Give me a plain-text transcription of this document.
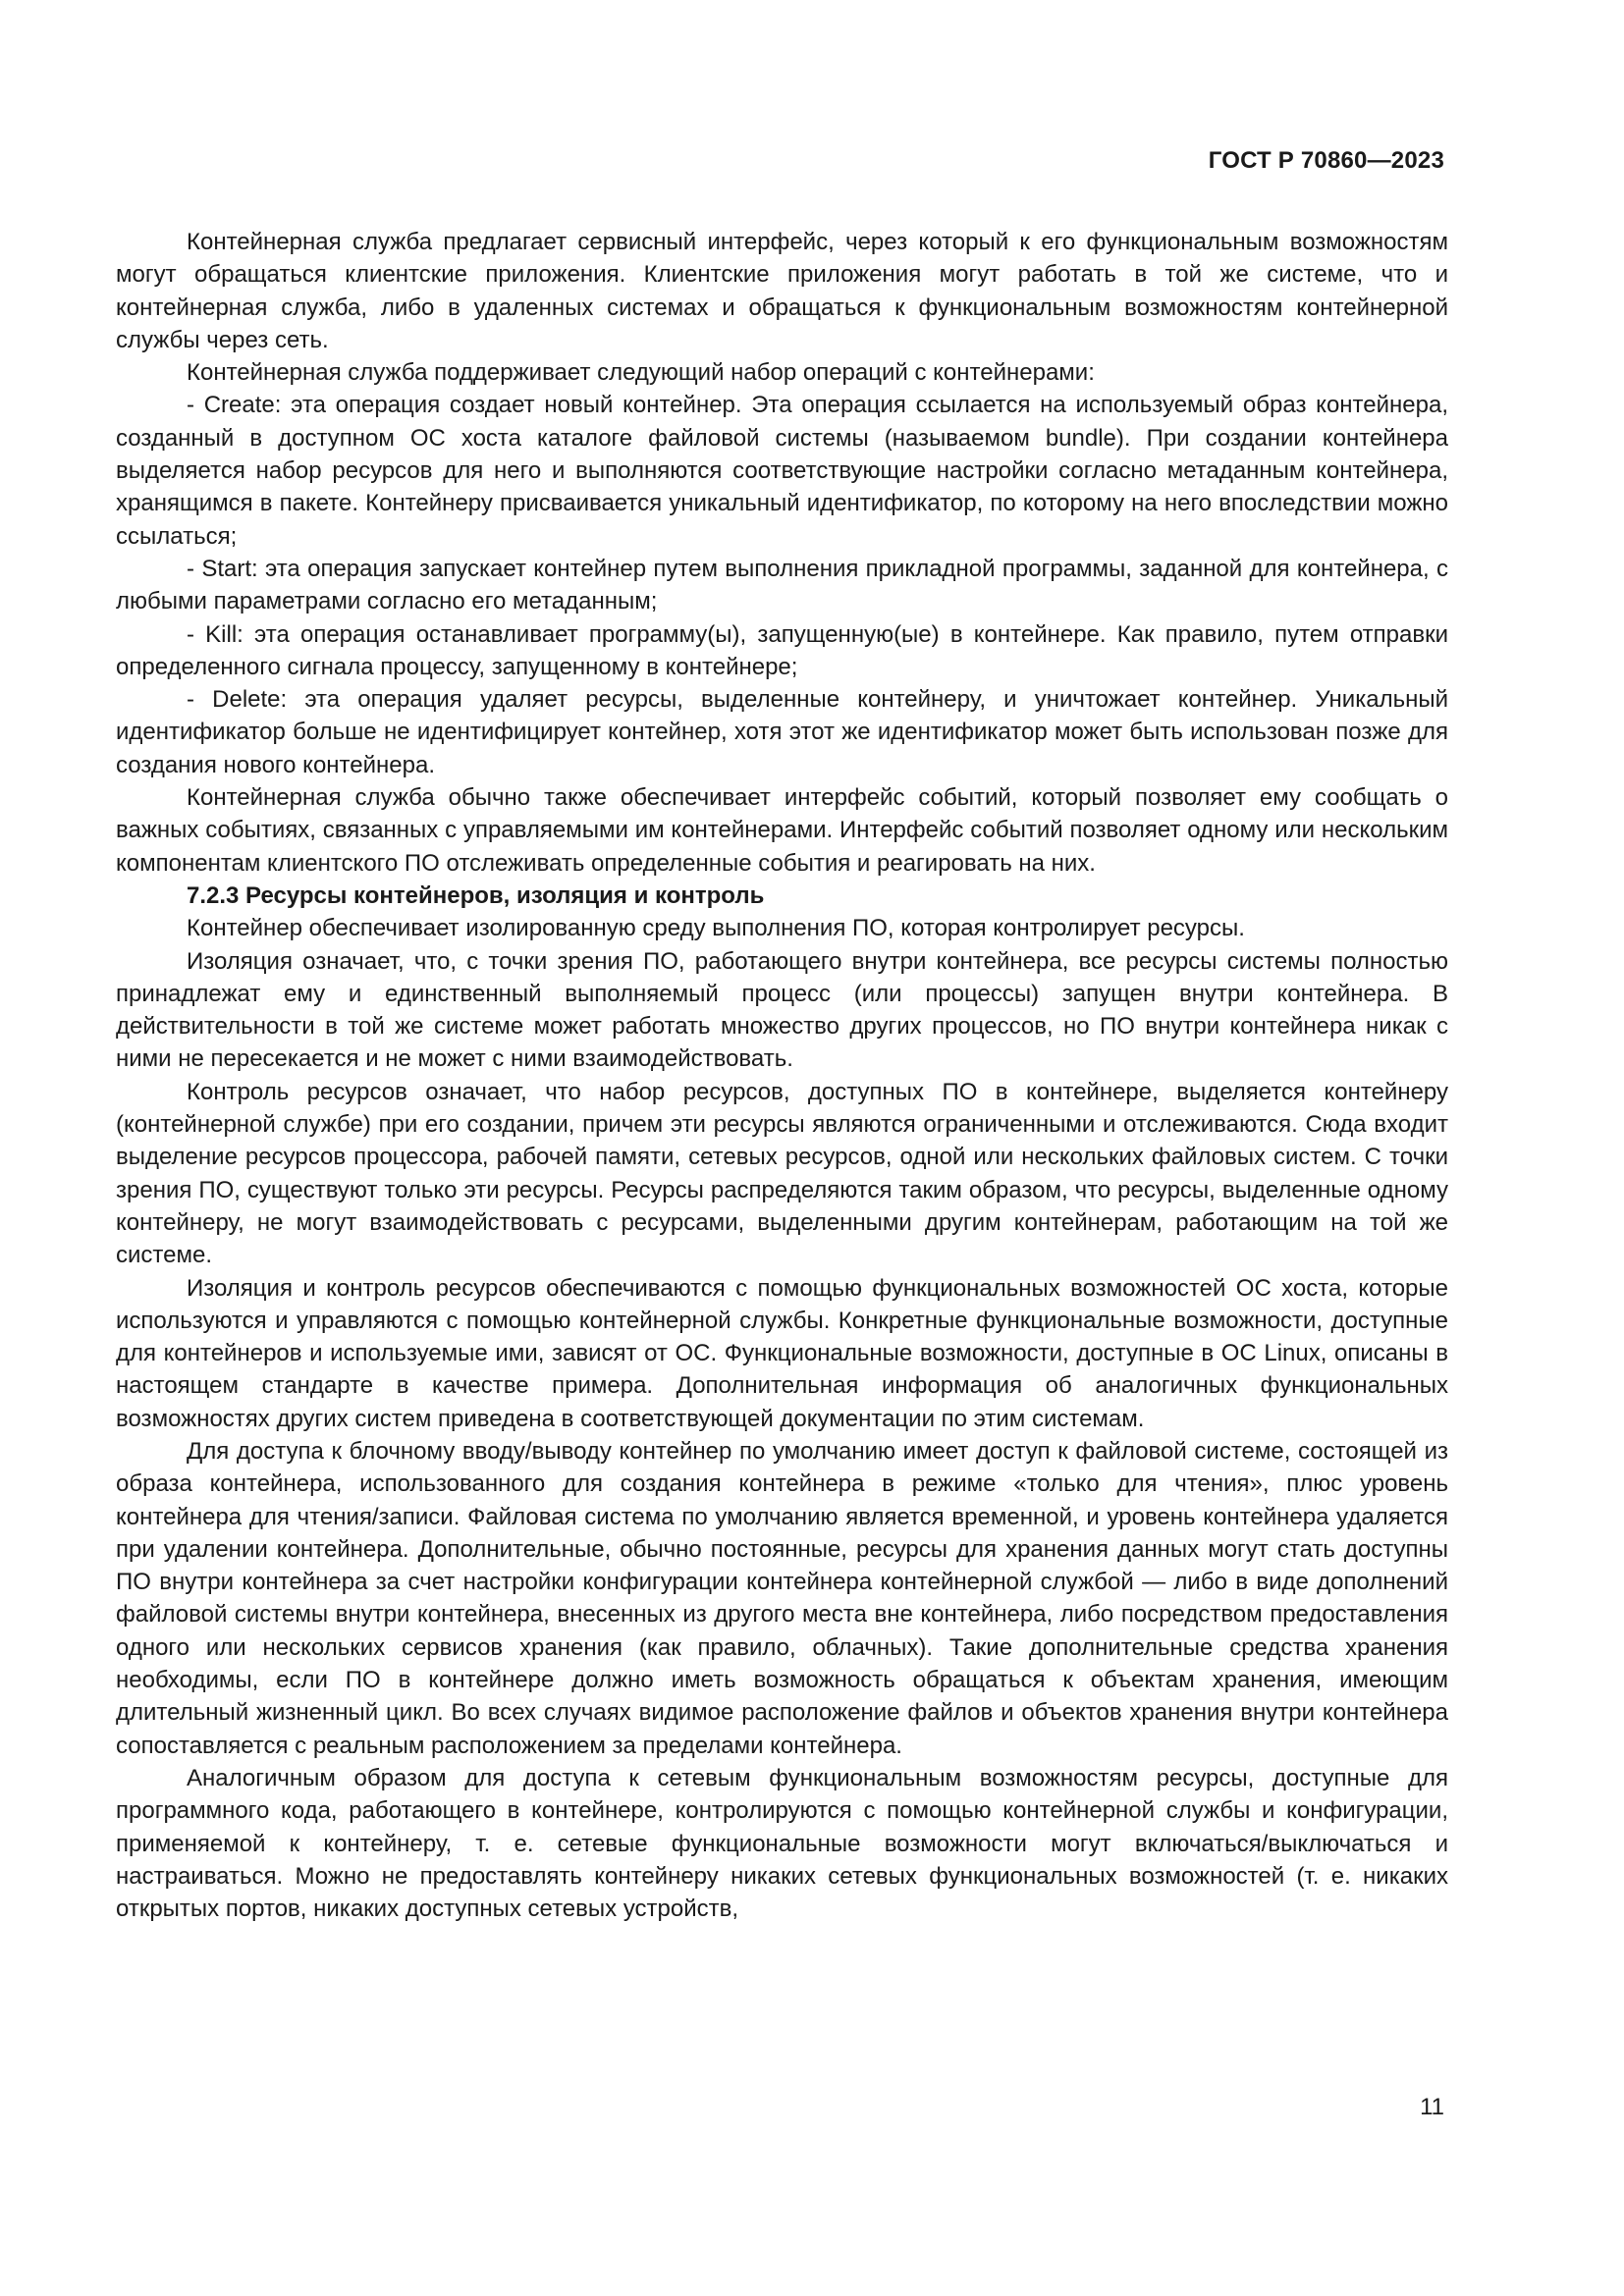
ГОСТ Р 70860—2023

Контейнерная служба предлагает сервисный интерфейс, через который к его функциональным возможностям могут обращаться клиентские приложения. Клиентские приложения могут работать в той же системе, что и контейнерная служба, либо в удаленных системах и обращаться к функциональным возможностям контейнерной службы через сеть.

Контейнерная служба поддерживает следующий набор операций с контейнерами:

- Create: эта операция создает новый контейнер. Эта операция ссылается на используемый образ контейнера, созданный в доступном ОС хоста каталоге файловой системы (называемом bundle). При создании контейнера выделяется набор ресурсов для него и выполняются соответствующие настройки согласно метаданным контейнера, хранящимся в пакете. Контейнеру присваивается уникальный идентификатор, по которому на него впоследствии можно ссылаться;

- Start: эта операция запускает контейнер путем выполнения прикладной программы, заданной для контейнера, с любыми параметрами согласно его метаданным;

- Kill: эта операция останавливает программу(ы), запущенную(ые) в контейнере. Как правило, путем отправки определенного сигнала процессу, запущенному в контейнере;

- Delete: эта операция удаляет ресурсы, выделенные контейнеру, и уничтожает контейнер. Уникальный идентификатор больше не идентифицирует контейнер, хотя этот же идентификатор может быть использован позже для создания нового контейнера.

Контейнерная служба обычно также обеспечивает интерфейс событий, который позволяет ему сообщать о важных событиях, связанных с управляемыми им контейнерами. Интерфейс событий позволяет одному или нескольким компонентам клиентского ПО отслеживать определенные события и реагировать на них.

7.2.3 Ресурсы контейнеров, изоляция и контроль

Контейнер обеспечивает изолированную среду выполнения ПО, которая контролирует ресурсы.

Изоляция означает, что, с точки зрения ПО, работающего внутри контейнера, все ресурсы системы полностью принадлежат ему и единственный выполняемый процесс (или процессы) запущен внутри контейнера. В действительности в той же системе может работать множество других процессов, но ПО внутри контейнера никак с ними не пересекается и не может с ними взаимодействовать.

Контроль ресурсов означает, что набор ресурсов, доступных ПО в контейнере, выделяется контейнеру (контейнерной службе) при его создании, причем эти ресурсы являются ограниченными и отслеживаются. Сюда входит выделение ресурсов процессора, рабочей памяти, сетевых ресурсов, одной или нескольких файловых систем. С точки зрения ПО, существуют только эти ресурсы. Ресурсы распределяются таким образом, что ресурсы, выделенные одному контейнеру, не могут взаимодействовать с ресурсами, выделенными другим контейнерам, работающим на той же системе.

Изоляция и контроль ресурсов обеспечиваются с помощью функциональных возможностей ОС хоста, которые используются и управляются с помощью контейнерной службы. Конкретные функциональные возможности, доступные для контейнеров и используемые ими, зависят от ОС. Функциональные возможности, доступные в ОС Linux, описаны в настоящем стандарте в качестве примера. Дополнительная информация об аналогичных функциональных возможностях других систем приведена в соответствующей документации по этим системам.

Для доступа к блочному вводу/выводу контейнер по умолчанию имеет доступ к файловой системе, состоящей из образа контейнера, использованного для создания контейнера в режиме «только для чтения», плюс уровень контейнера для чтения/записи. Файловая система по умолчанию является временной, и уровень контейнера удаляется при удалении контейнера. Дополнительные, обычно постоянные, ресурсы для хранения данных могут стать доступны ПО внутри контейнера за счет настройки конфигурации контейнера контейнерной службой — либо в виде дополнений файловой системы внутри контейнера, внесенных из другого места вне контейнера, либо посредством предоставления одного или нескольких сервисов хранения (как правило, облачных). Такие дополнительные средства хранения необходимы, если ПО в контейнере должно иметь возможность обращаться к объектам хранения, имеющим длительный жизненный цикл. Во всех случаях видимое расположение файлов и объектов хранения внутри контейнера сопоставляется с реальным расположением за пределами контейнера.

Аналогичным образом для доступа к сетевым функциональным возможностям ресурсы, доступные для программного кода, работающего в контейнере, контролируются с помощью контейнерной службы и конфигурации, применяемой к контейнеру, т. е. сетевые функциональные возможности могут включаться/выключаться и настраиваться. Можно не предоставлять контейнеру никаких сетевых функциональных возможностей (т. е. никаких открытых портов, никаких доступных сетевых устройств,

11
